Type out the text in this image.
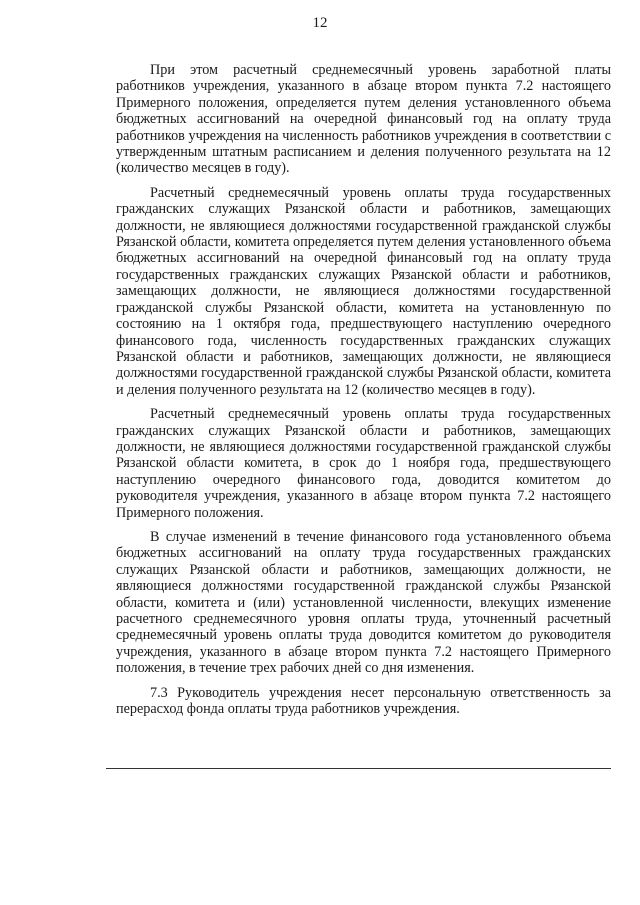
12

При этом расчетный среднемесячный уровень заработной платы работников учреждения, указанного в абзаце втором пункта 7.2 настоящего Примерного положения, определяется путем деления установленного объема бюджетных ассигнований на очередной финансовый год на оплату труда работников учреждения на численность работников учреждения в соответствии с утвержденным штатным расписанием и деления полученного результата на 12 (количество месяцев в году).

Расчетный среднемесячный уровень оплаты труда государственных гражданских служащих Рязанской области и работников, замещающих должности, не являющиеся должностями государственной гражданской службы Рязанской области, комитета определяется путем деления установленного объема бюджетных ассигнований на очередной финансовый год на оплату труда государственных гражданских служащих Рязанской области и работников, замещающих должности, не являющиеся должностями государственной гражданской службы Рязанской области, комитета на установленную по состоянию на 1 октября года, предшествующего наступлению очередного финансового года, численность государственных гражданских служащих Рязанской области и работников, замещающих должности, не являющиеся должностями государственной гражданской службы Рязанской области, комитета и деления полученного результата на 12 (количество месяцев в году).

Расчетный среднемесячный уровень оплаты труда государственных гражданских служащих Рязанской области и работников, замещающих должности, не являющиеся должностями государственной гражданской службы Рязанской области комитета, в срок до 1 ноября года, предшествующего наступлению очередного финансового года, доводится комитетом до руководителя учреждения, указанного в абзаце втором пункта 7.2 настоящего Примерного положения.

В случае изменений в течение финансового года установленного объема бюджетных ассигнований на оплату труда государственных гражданских служащих Рязанской области и работников, замещающих должности, не являющиеся должностями государственной гражданской службы Рязанской области, комитета и (или) установленной численности, влекущих изменение расчетного среднемесячного уровня оплаты труда, уточненный расчетный среднемесячный уровень оплаты труда доводится комитетом до руководителя учреждения, указанного в абзаце втором пункта 7.2 настоящего Примерного положения, в течение трех рабочих дней со дня изменения.

7.3 Руководитель учреждения несет персональную ответственность за перерасход фонда оплаты труда работников учреждения.
